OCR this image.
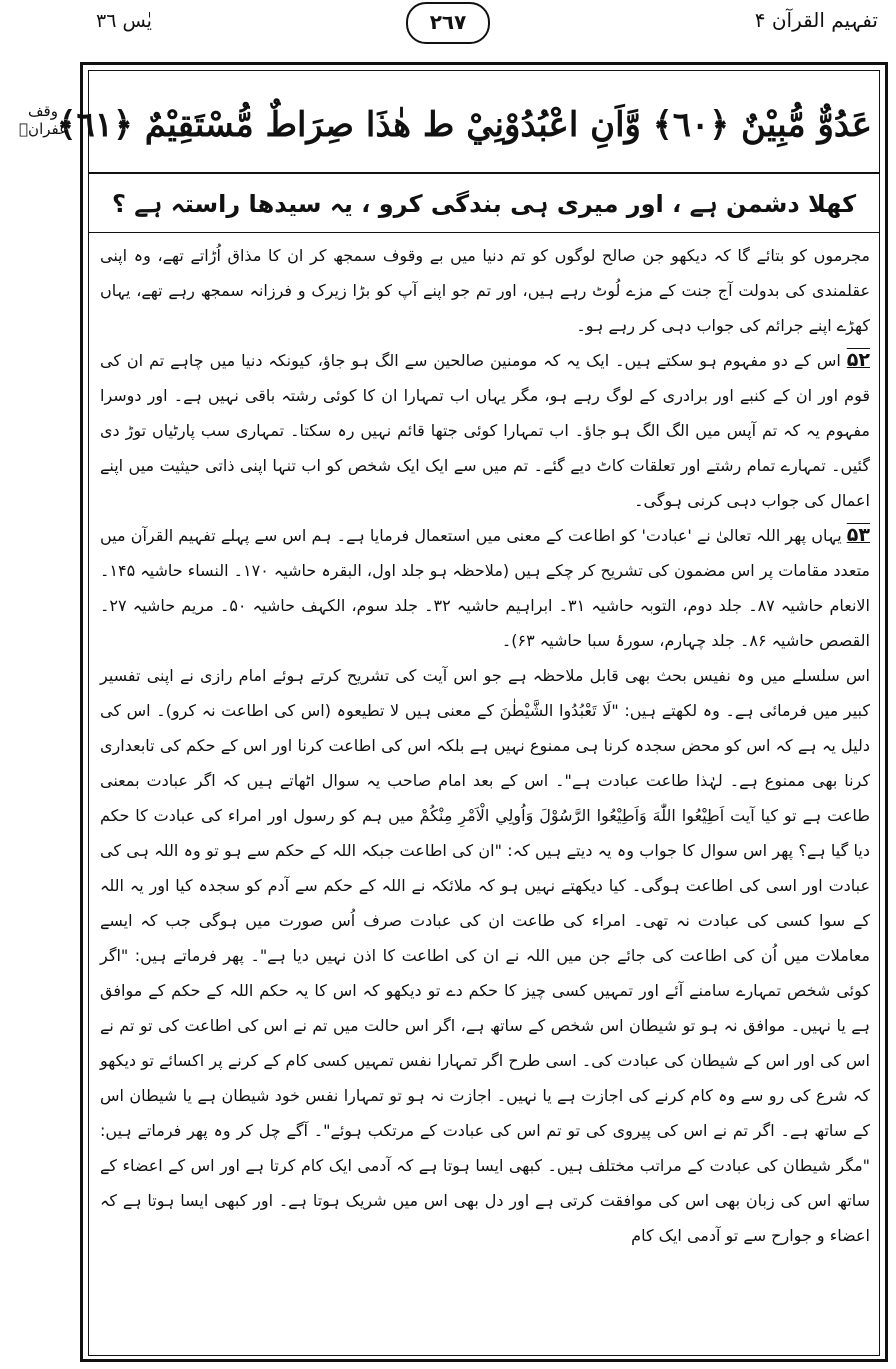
یٰس ۳٦	٢٦٧	تفہیم القرآن ۴
وقف غفرانؑ
عَدُوٌّ مُّبِيْنٌ ﴿٦٠﴾ وَّاَنِ اعْبُدُوْنِيْ ط هٰذَا صِرَاطٌ مُّسْتَقِيْمٌ ﴿٦١﴾
کھلا دشمن ہے ، اور میری ہی بندگی کرو ، یہ سیدھا راستہ ہے ؟

مجرموں کو بتائے گا کہ دیکھو جن صالح لوگوں کو تم دنیا میں بے وقوف سمجھ کر ان کا مذاق اُڑاتے تھے، وہ اپنی عقلمندی کی بدولت آج جنت کے مزے لُوٹ رہے ہیں، اور تم جو اپنے آپ کو بڑا زیرک و فرزانہ سمجھ رہے تھے، یہاں کھڑے اپنے جرائم کی جواب دہی کر رہے ہو۔

۵۲ اس کے دو مفہوم ہو سکتے ہیں۔ ایک یہ کہ مومنین صالحین سے الگ ہو جاؤ، کیونکہ دنیا میں چاہے تم ان کی قوم اور ان کے کنبے اور برادری کے لوگ رہے ہو، مگر یہاں اب تمہارا ان کا کوئی رشتہ باقی نہیں ہے۔ اور دوسرا مفہوم یہ کہ تم آپس میں الگ الگ ہو جاؤ۔ اب تمہارا کوئی جتھا قائم نہیں رہ سکتا۔ تمہاری سب پارٹیاں توڑ دی گئیں۔ تمہارے تمام رشتے اور تعلقات کاٹ دیے گئے۔ تم میں سے ایک ایک شخص کو اب تنہا اپنی ذاتی حیثیت میں اپنے اعمال کی جواب دہی کرنی ہوگی۔

۵۳ یہاں پھر اللہ تعالیٰ نے 'عبادت' کو اطاعت کے معنی میں استعمال فرمایا ہے۔ ہم اس سے پہلے تفہیم القرآن میں متعدد مقامات پر اس مضمون کی تشریح کر چکے ہیں (ملاحظہ ہو جلد اول، البقرہ حاشیہ ۱۷۰۔ النساء حاشیہ ۱۴۵۔ الانعام حاشیہ ۸۷۔ جلد دوم، التوبہ حاشیہ ۳۱۔ ابراہیم حاشیہ ۳۲۔ جلد سوم، الکہف حاشیہ ۵۰۔ مریم حاشیہ ۲۷۔ القصص حاشیہ ۸۶۔ جلد چہارم، سورۂ سبا حاشیہ ۶۳)۔

اس سلسلے میں وہ نفیس بحث بھی قابل ملاحظہ ہے جو اس آیت کی تشریح کرتے ہوئے امام رازی نے اپنی تفسیر کبیر میں فرمائی ہے۔ وہ لکھتے ہیں: "لَا تَعْبُدُوا الشَّيْطٰنَ کے معنی ہیں لا تطیعوہ (اس کی اطاعت نہ کرو)۔ اس کی دلیل یہ ہے کہ اس کو محض سجدہ کرنا ہی ممنوع نہیں ہے بلکہ اس کی اطاعت کرنا اور اس کے حکم کی تابعداری کرنا بھی ممنوع ہے۔ لہٰذا طاعت عبادت ہے"۔ اس کے بعد امام صاحب یہ سوال اٹھاتے ہیں کہ اگر عبادت بمعنی طاعت ہے تو کیا آیت اَطِيْعُوا اللّٰهَ وَاَطِيْعُوا الرَّسُوْلَ وَاُولِي الْاَمْرِ مِنْكُمْ میں ہم کو رسول اور امراء کی عبادت کا حکم دیا گیا ہے؟ پھر اس سوال کا جواب وہ یہ دیتے ہیں کہ: "ان کی اطاعت جبکہ اللہ کے حکم سے ہو تو وہ اللہ ہی کی عبادت اور اسی کی اطاعت ہوگی۔ کیا دیکھتے نہیں ہو کہ ملائکہ نے اللہ کے حکم سے آدم کو سجدہ کیا اور یہ اللہ کے سوا کسی کی عبادت نہ تھی۔ امراء کی طاعت ان کی عبادت صرف اُس صورت میں ہوگی جب کہ ایسے معاملات میں اُن کی اطاعت کی جائے جن میں اللہ نے ان کی اطاعت کا اذن نہیں دیا ہے"۔ پھر فرماتے ہیں: "اگر کوئی شخص تمہارے سامنے آئے اور تمہیں کسی چیز کا حکم دے تو دیکھو کہ اس کا یہ حکم اللہ کے حکم کے موافق ہے یا نہیں۔ موافق نہ ہو تو شیطان اس شخص کے ساتھ ہے، اگر اس حالت میں تم نے اس کی اطاعت کی تو تم نے اس کی اور اس کے شیطان کی عبادت کی۔ اسی طرح اگر تمہارا نفس تمہیں کسی کام کے کرنے پر اکسائے تو دیکھو کہ شرع کی رو سے وہ کام کرنے کی اجازت ہے یا نہیں۔ اجازت نہ ہو تو تمہارا نفس خود شیطان ہے یا شیطان اس کے ساتھ ہے۔ اگر تم نے اس کی پیروی کی تو تم اس کی عبادت کے مرتکب ہوئے"۔ آگے چل کر وہ پھر فرماتے ہیں: "مگر شیطان کی عبادت کے مراتب مختلف ہیں۔ کبھی ایسا ہوتا ہے کہ آدمی ایک کام کرتا ہے اور اس کے اعضاء کے ساتھ اس کی زبان بھی اس کی موافقت کرتی ہے اور دل بھی اس میں شریک ہوتا ہے۔ اور کبھی ایسا ہوتا ہے کہ اعضاء و جوارح سے تو آدمی ایک کام
